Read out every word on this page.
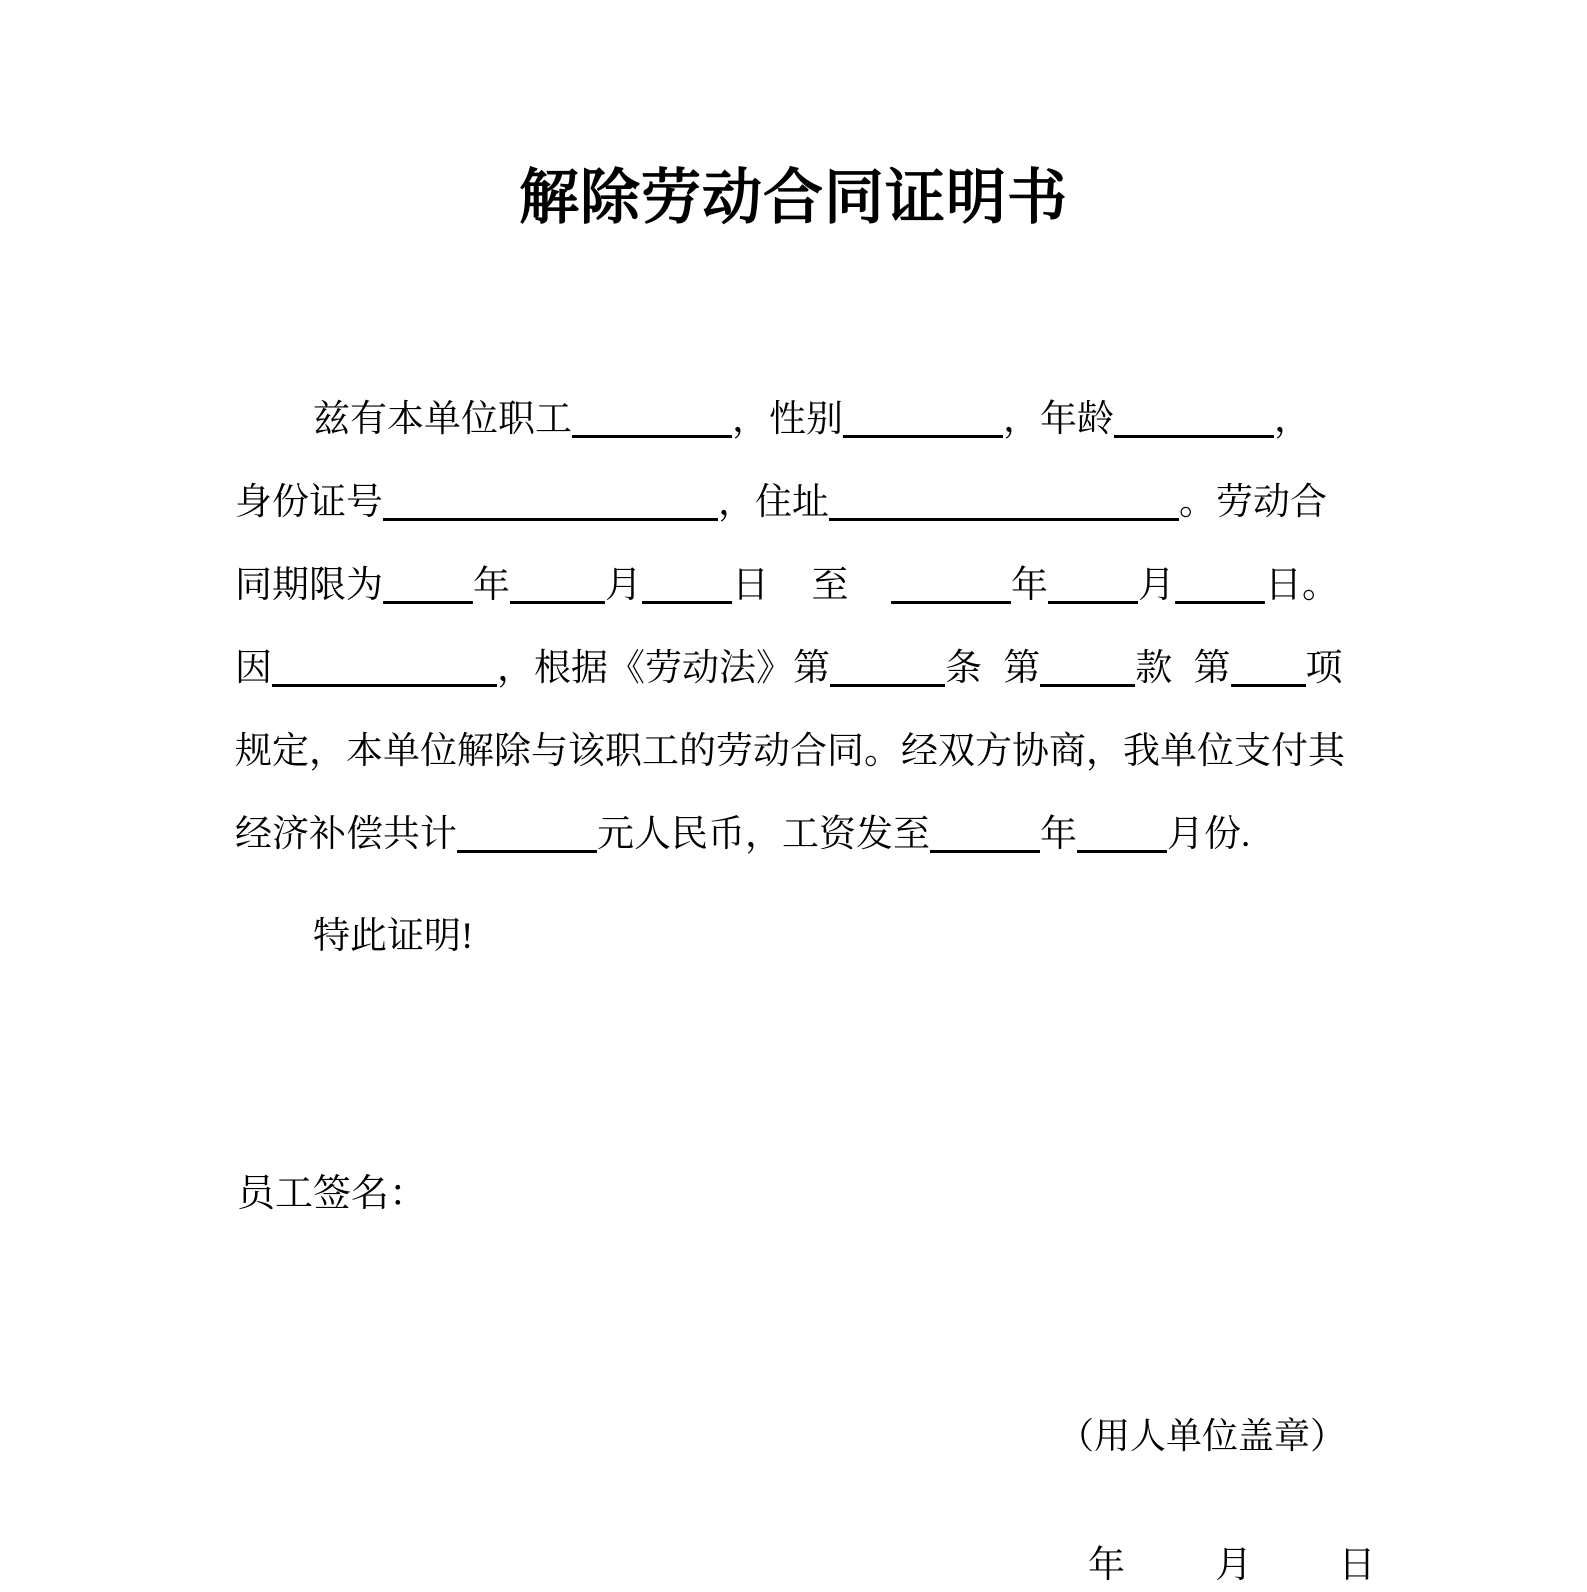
解除劳动合同证明书

兹有本单位职工	，性别	，年龄	，

身份证号	，住址	。劳动合

同期限为 年	月 日  至	年 月 日。

因	，根据《劳动法》第	条 第	款 第 项

规定，本单位解除与该职工的劳动合同。经双方协商，我单位支付其

经济补偿共计	元人民币，工资发至	年 月份.

特此证明!

员工签名：

（用人单位盖章）

年 月 日
